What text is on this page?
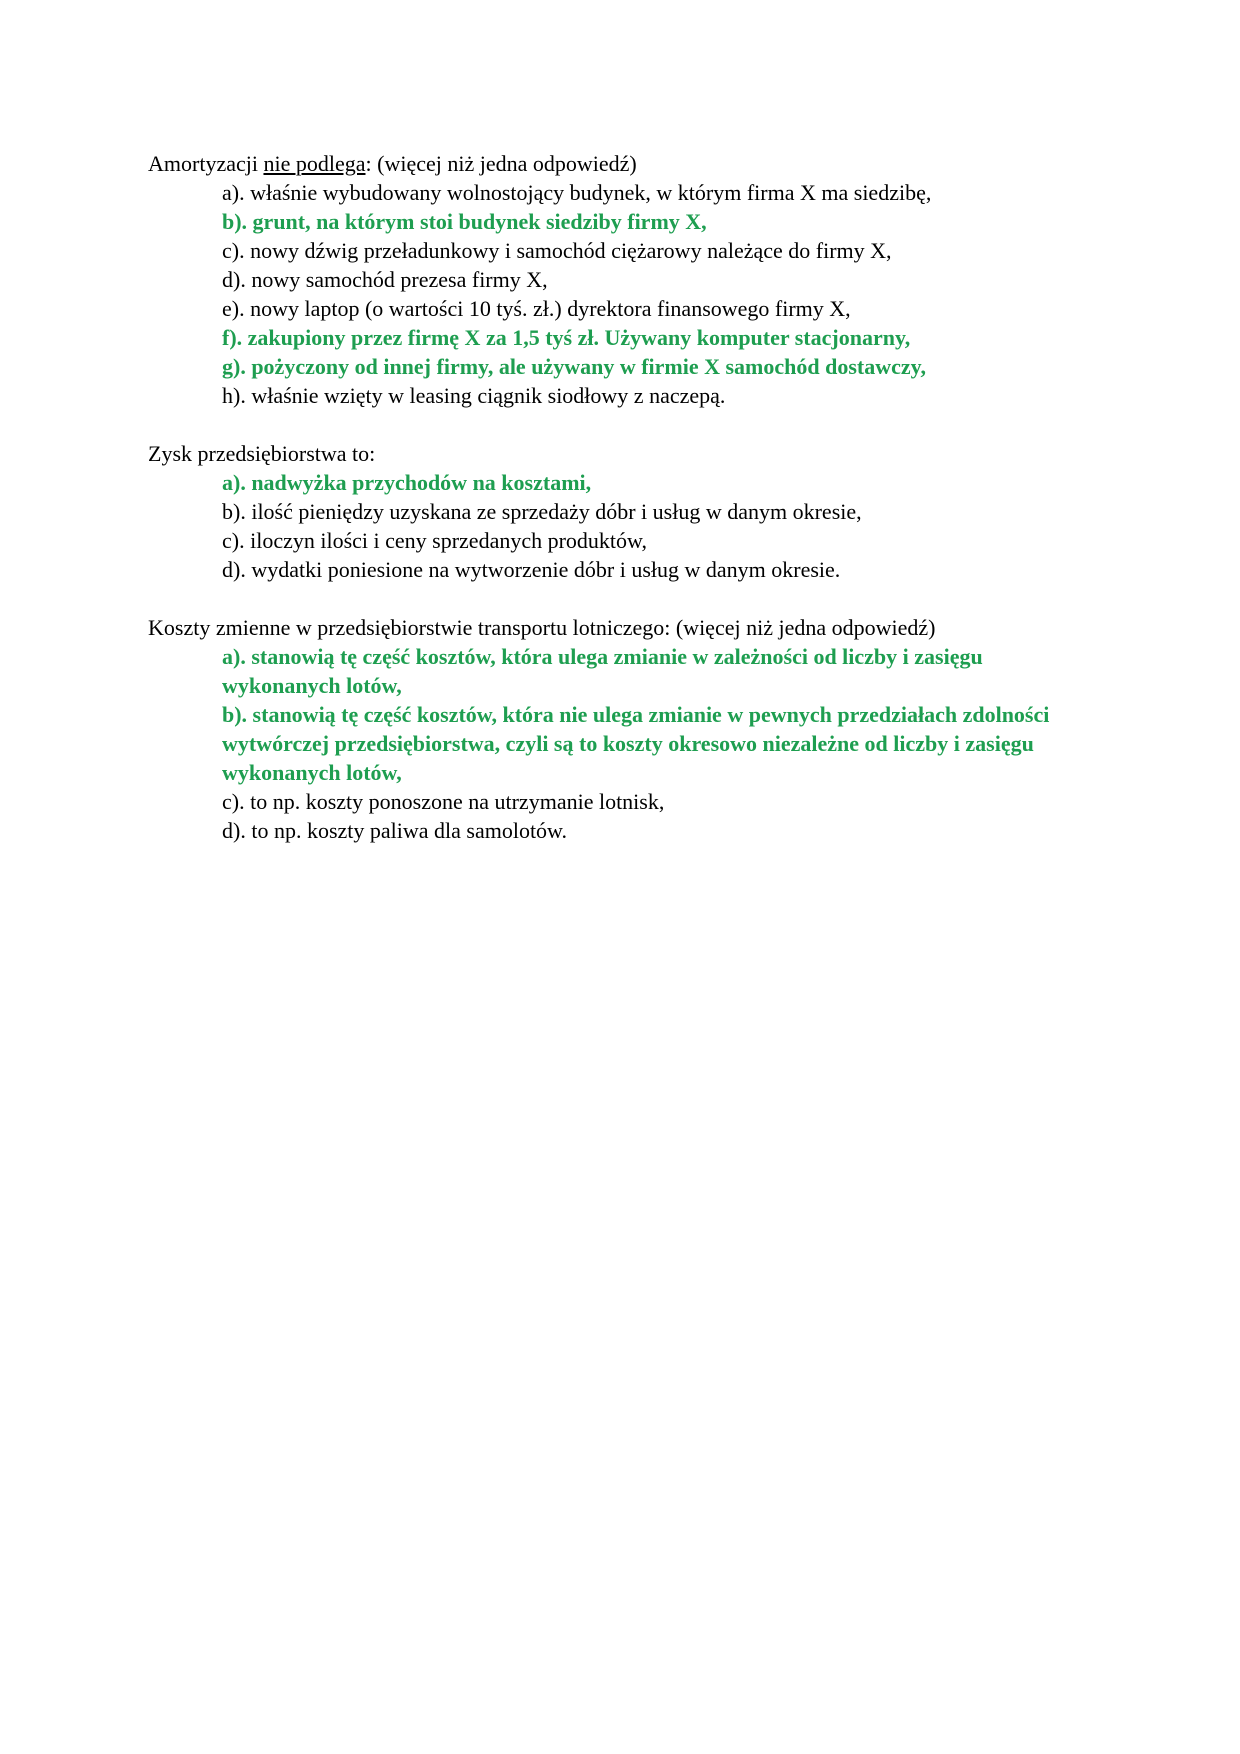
Amortyzacji nie podlega: (więcej niż jedna odpowiedź)
a). właśnie wybudowany wolnostojący budynek, w którym firma X ma siedzibę,
b). grunt, na którym stoi budynek siedziby firmy X,
c). nowy dźwig przeładunkowy i samochód ciężarowy należące do firmy X,
d). nowy samochód prezesa firmy X,
e). nowy laptop (o wartości 10 tyś. zł.) dyrektora finansowego firmy X,
f). zakupiony przez firmę X za 1,5 tyś zł. Używany komputer stacjonarny,
g). pożyczony od innej firmy, ale używany w firmie X samochód dostawczy,
h). właśnie wzięty w leasing ciągnik siodłowy z naczepą.
Zysk przedsiębiorstwa to:
a). nadwyżka przychodów na kosztami,
b). ilość pieniędzy uzyskana ze sprzedaży dóbr i usług w danym okresie,
c). iloczyn ilości i ceny sprzedanych produktów,
d). wydatki poniesione na wytworzenie dóbr i usług w danym okresie.
Koszty zmienne w przedsiębiorstwie transportu lotniczego: (więcej niż jedna odpowiedź)
a). stanowią tę część kosztów, która ulega zmianie w zależności od liczby i zasięgu wykonanych lotów,
b). stanowią tę część kosztów, która nie ulega zmianie w pewnych przedziałach zdolności wytwórczej przedsiębiorstwa, czyli są to koszty okresowo niezależne od liczby i zasięgu wykonanych lotów,
c). to np. koszty ponoszone na utrzymanie lotnisk,
d). to np. koszty paliwa dla samolotów.
